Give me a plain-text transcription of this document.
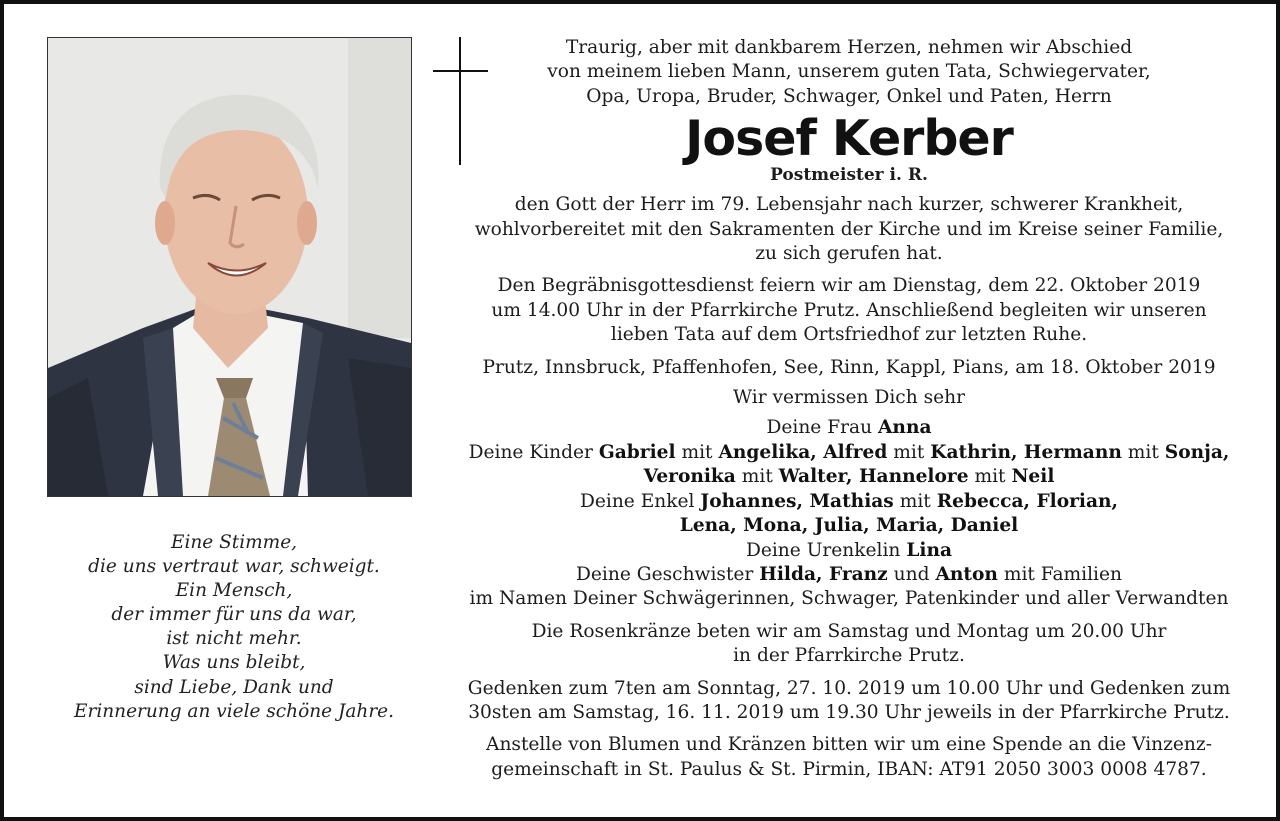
Eine Stimme,
die uns vertraut war, schweigt.
Ein Mensch,
der immer für uns da war,
ist nicht mehr.
Was uns bleibt,
sind Liebe, Dank und
Erinnerung an viele schöne Jahre.
Traurig, aber mit dankbarem Herzen, nehmen wir Abschied
von meinem lieben Mann, unserem guten Tata, Schwiegervater,
Opa, Uropa, Bruder, Schwager, Onkel und Paten, Herrn
Josef Kerber
Postmeister i. R.
den Gott der Herr im 79. Lebensjahr nach kurzer, schwerer Krankheit,
wohlvorbereitet mit den Sakramenten der Kirche und im Kreise seiner Familie,
zu sich gerufen hat.
Den Begräbnisgottesdienst feiern wir am Dienstag, dem 22. Oktober 2019
um 14.00 Uhr in der Pfarrkirche Prutz. Anschließend begleiten wir unseren
lieben Tata auf dem Ortsfriedhof zur letzten Ruhe.
Prutz, Innsbruck, Pfaffenhofen, See, Rinn, Kappl, Pians, am 18. Oktober 2019
Wir vermissen Dich sehr
Deine Frau Anna
Deine Kinder Gabriel mit Angelika, Alfred mit Kathrin, Hermann mit Sonja,
Veronika mit Walter, Hannelore mit Neil
Deine Enkel Johannes, Mathias mit Rebecca, Florian,
Lena, Mona, Julia, Maria, Daniel
Deine Urenkelin Lina
Deine Geschwister Hilda, Franz und Anton mit Familien
im Namen Deiner Schwägerinnen, Schwager, Patenkinder und aller Verwandten
Die Rosenkränze beten wir am Samstag und Montag um 20.00 Uhr
in der Pfarrkirche Prutz.
Gedenken zum 7ten am Sonntag, 27. 10. 2019 um 10.00 Uhr und Gedenken zum
30sten am Samstag, 16. 11. 2019 um 19.30 Uhr jeweils in der Pfarrkirche Prutz.
Anstelle von Blumen und Kränzen bitten wir um eine Spende an die Vinzenz-
gemeinschaft in St. Paulus & St. Pirmin, IBAN: AT91 2050 3003 0008 4787.
